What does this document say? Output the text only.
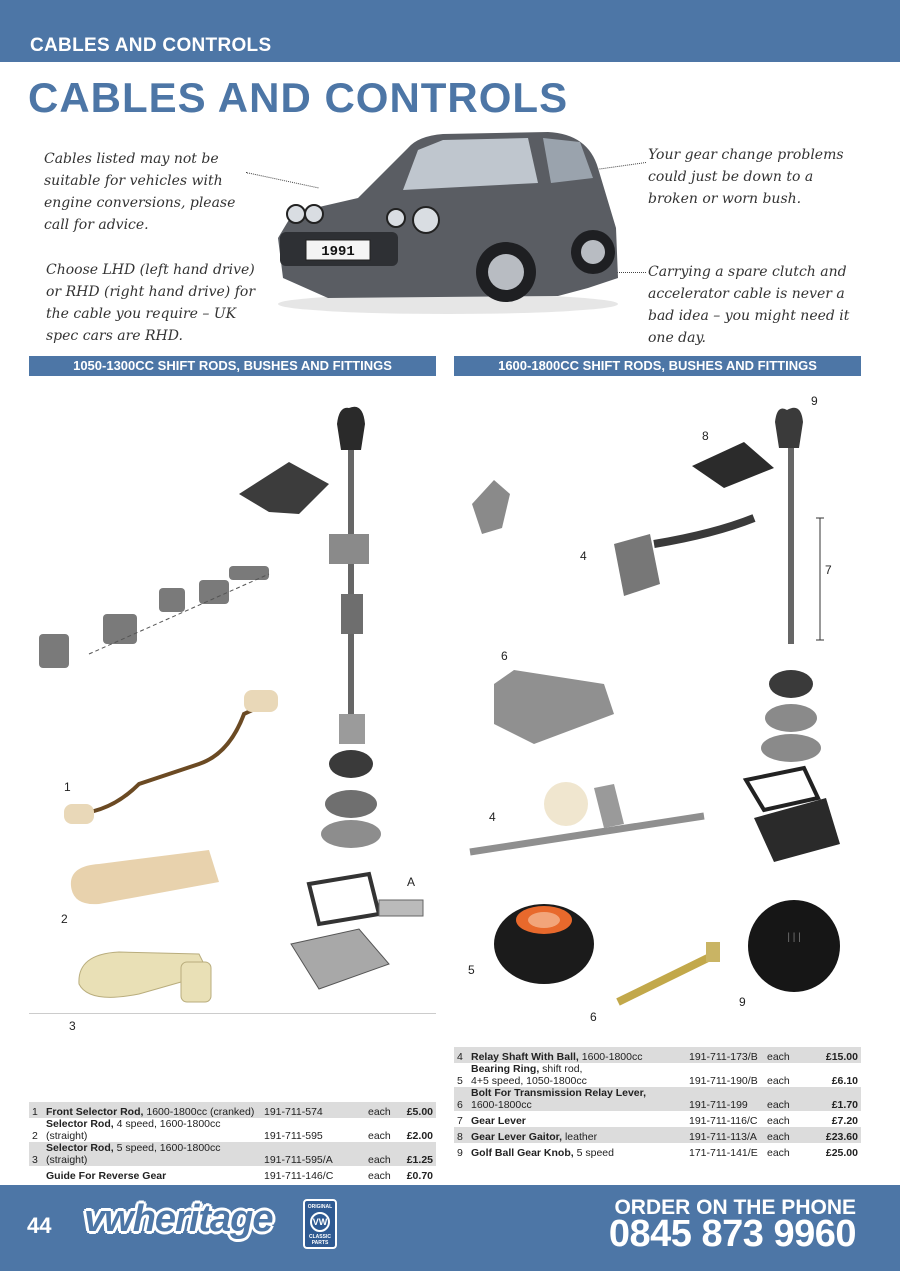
CABLES AND CONTROLS
CABLES AND CONTROLS
Cables listed may not be suitable for vehicles with engine conversions, please call for advice.
Choose LHD (left hand drive) or RHD (right hand drive) for the cable you require – UK spec cars are RHD.
Your gear change problems could just be down to a broken or worn bush.
Carrying a spare clutch and accelerator cable is never a bad idea – you might need it one day.
1991
1050-1300CC SHIFT RODS, BUSHES AND FITTINGS	1600-1800CC SHIFT RODS, BUSHES AND FITTINGS
1
2
3
A
| | |
9
8
7
4
6
4
5
6
9
1	Front Selector Rod, 1600-1800cc (cranked)	191-711-574	each	£5.00
2	Selector Rod, 4 speed, 1600-1800cc (straight)	191-711-595	each	£2.00
3	Selector Rod, 5 speed, 1600-1800cc (straight)	191-711-595/A	each	£1.25
	Guide For Reverse Gear	191-711-146/C	each	£0.70
4	Relay Shaft With Ball, 1600-1800cc	191-711-173/B	each	£15.00
5	Bearing Ring, shift rod,
4+5 speed, 1050-1800cc	191-711-190/B	each	£6.10
6	Bolt For Transmission Relay Lever,
1600-1800cc	191-711-199	each	£1.70
7	Gear Lever	191-711-116/C	each	£7.20
8	Gear Lever Gaitor, leather	191-711-113/A	each	£23.60
9	Golf Ball Gear Knob, 5 speed	171-711-141/E	each	£25.00
44 vwheritage	ORIGINAL
VW
CLASSIC PARTS
ORDER ON THE PHONE
0845 873 9960
